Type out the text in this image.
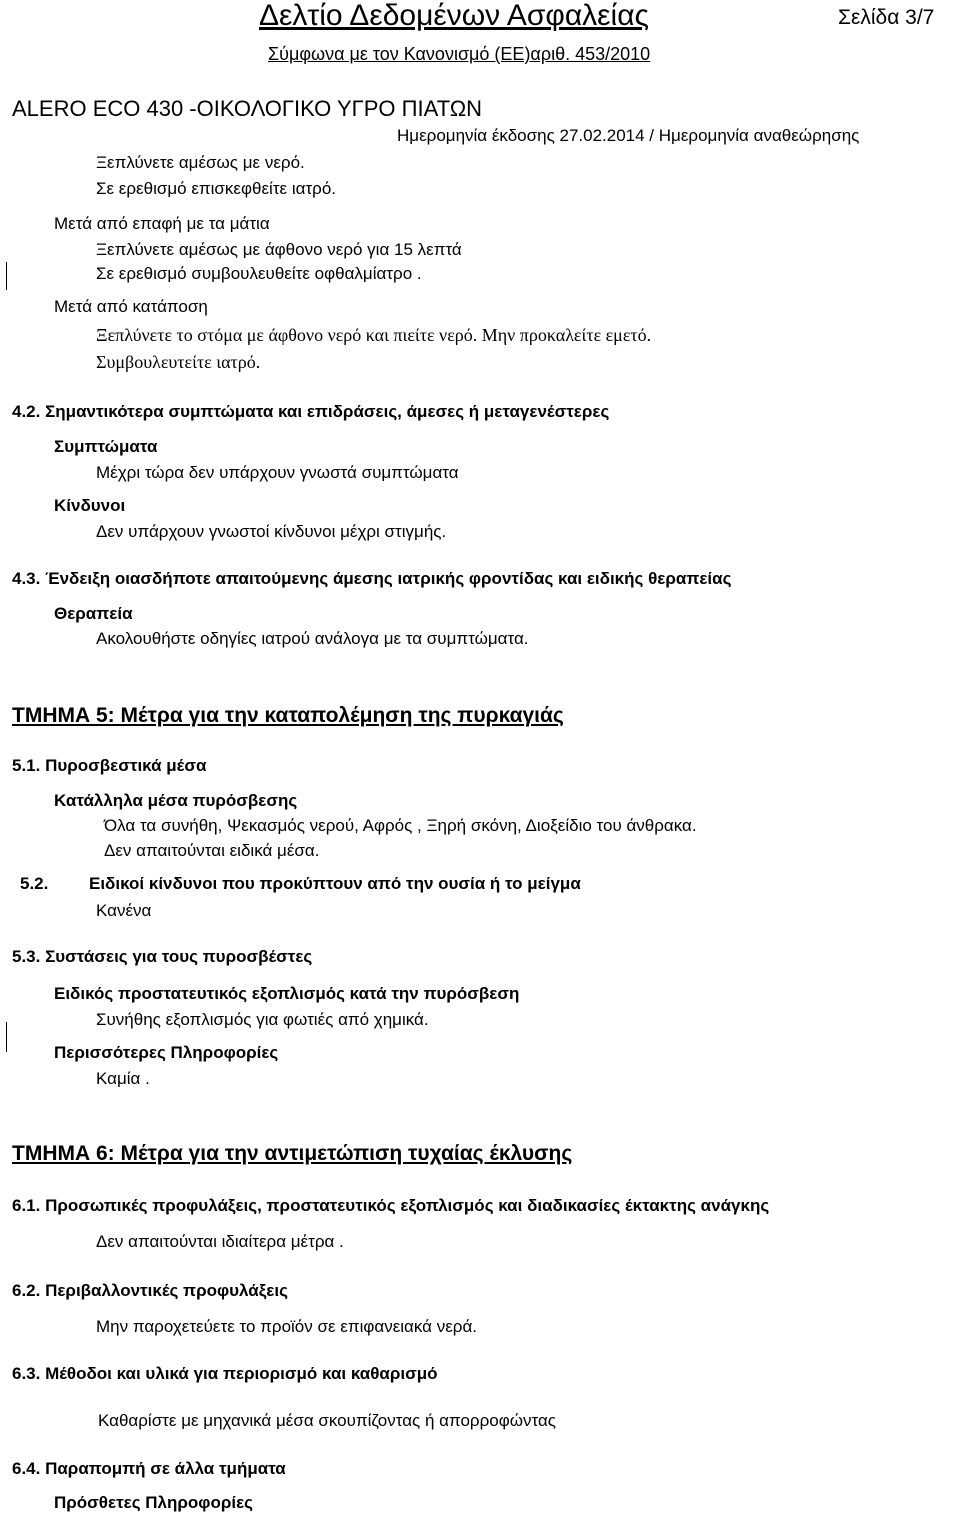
Δελτίο Δεδομένων Ασφαλείας	Σελίδα 3/7
Σύμφωνα με τον Κανονισμό (ΕΕ)αριθ. 453/2010
ALERO ECO 430 -ΟΙΚΟΛΟΓΙΚΟ ΥΓΡΟ ΠΙΑΤΩΝ
Ημερομηνία έκδοσης 27.02.2014 / Ημερομηνία αναθεώρησης
Ξεπλύνετε αμέσως με νερό.
Σε ερεθισμό επισκεφθείτε ιατρό.
Μετά από επαφή με τα μάτια
Ξεπλύνετε αμέσως με άφθονο νερό για 15 λεπτά
Σε ερεθισμό συμβουλευθείτε οφθαλμίατρο .
Μετά από κατάποση
Ξεπλύνετε το στόμα με άφθονο νερό και πιείτε νερό. Μην προκαλείτε εμετό.
Συμβουλευτείτε ιατρό.
4.2. Σημαντικότερα συμπτώματα και επιδράσεις, άμεσες ή μεταγενέστερες
Συμπτώματα
Μέχρι τώρα δεν υπάρχουν γνωστά συμπτώματα
Κίνδυνοι
Δεν υπάρχουν γνωστοί κίνδυνοι μέχρι στιγμής.
4.3. Ένδειξη οιασδήποτε απαιτούμενης άμεσης ιατρικής φροντίδας και ειδικής θεραπείας
Θεραπεία
Ακολουθήστε οδηγίες ιατρού ανάλογα με τα συμπτώματα.
ΤΜΗΜΑ 5: Μέτρα για την καταπολέμηση της πυρκαγιάς
5.1. Πυροσβεστικά μέσα
Κατάλληλα μέσα πυρόσβεσης
Όλα τα συνήθη, Ψεκασμός νερού, Αφρός , Ξηρή σκόνη, Διοξείδιο του άνθρακα.
Δεν απαιτούνται ειδικά μέσα.
5.2. Ειδικοί κίνδυνοι που προκύπτουν από την ουσία ή το μείγμα
Κανένα
5.3. Συστάσεις για τους πυροσβέστες
Ειδικός προστατευτικός εξοπλισμός κατά την πυρόσβεση
Συνήθης εξοπλισμός για φωτιές από χημικά.
Περισσότερες Πληροφορίες
Καμία .
ΤΜΗΜΑ 6: Μέτρα για την αντιμετώπιση τυχαίας έκλυσης
6.1. Προσωπικές προφυλάξεις, προστατευτικός εξοπλισμός και διαδικασίες έκτακτης ανάγκης
Δεν απαιτούνται ιδιαίτερα μέτρα .
6.2. Περιβαλλοντικές προφυλάξεις
Μην παροχετεύετε το προϊόν σε επιφανειακά νερά.
6.3. Μέθοδοι και υλικά για περιορισμό και καθαρισμό
Καθαρίστε με μηχανικά μέσα σκουπίζοντας ή απορροφώντας
6.4. Παραπομπή σε άλλα τμήματα
Πρόσθετες Πληροφορίες
